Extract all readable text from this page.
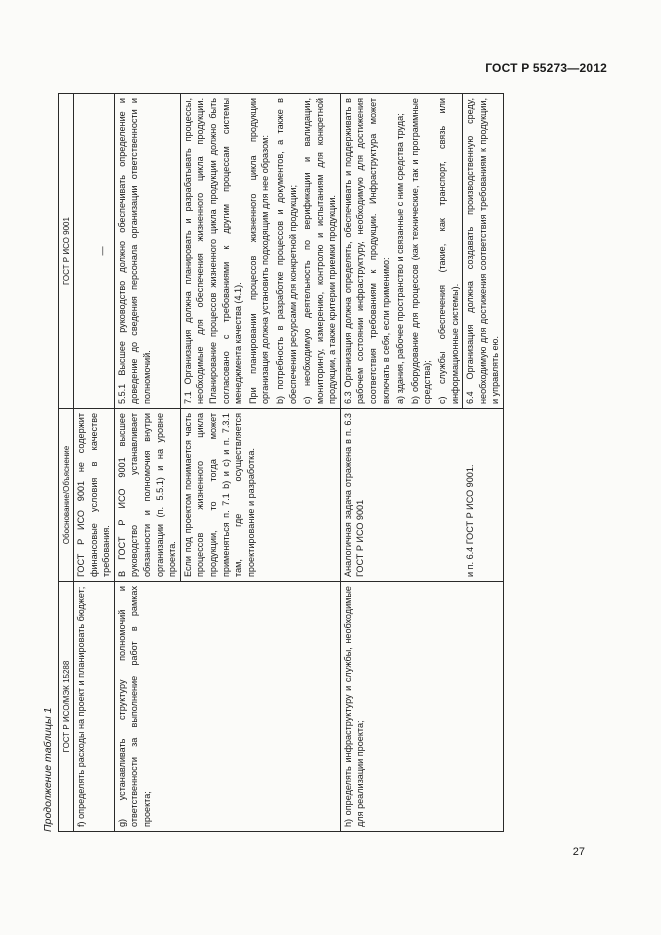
ГОСТ Р 55273—2012
Продолжение таблицы 1
ГОСТ Р ИСО/МЭК 15288	Обоснование/Объяснение	ГОСТ Р ИСО 9001

f) определять расходы на проект и планировать бюджет;	ГОСТ Р ИСО 9001 не содержит финансовые условия в качестве требования.	—

g) устанавливать структуру полномочий и ответственности за выполнение работ в рамках проекта;	В ГОСТ Р ИСО 9001 высшее руководство устанавливает обязанности и полномочия внутри организации (п. 5.5.1) и на уровне проекта.	5.5.1 Высшее руководство должно обеспечивать определение и доведение до сведения персонала организации ответственности и полномочий.

	Если под проектом понимается часть процессов жизненного цикла продукции, то тогда может применяться п. 7.1 b) и с) и п. 7.3.1 там, где осуществляется проектирование и разработка.	7.1 Организация должна планировать и разрабатывать процессы, необходимые для обеспечения жизненного цикла продукции. Планирование процессов жизненного цикла продукции должно быть согласовано с требованиями к другим процессам системы менеджмента качества (4.1). При планировании процессов жизненного цикла продукции организация должна установить подходящим для нее образом: b) потребность в разработке процессов и документов, а также в обеспечении ресурсами для конкретной продукции; c) необходимую деятельность по верификации и валидации, мониторингу, измерению, контролю и испытаниям для конкретной продукции, а также критерии приемки продукции.

h) определять инфраструктуру и службы, необходимые для реализации проекта;	Аналогичная задача отражена в п. 6.3 ГОСТ Р ИСО 9001	6.3 Организация должна определять, обеспечивать и поддерживать в рабочем состоянии инфраструктуру, необходимую для достижения соответствия требованиям к продукции. Инфраструктура может включать в себя, если применимо: a) здания, рабочее пространство и связанные с ним средства труда; b) оборудование для процессов (как технические, так и программные средства); c) службы обеспечения (такие, как транспорт, связь или информационные системы).

	и п. 6.4 ГОСТ Р ИСО 9001.	6.4 Организация должна создавать производственную среду, необходимую для достижения соответствия требованиям к продукции, и управлять ею.

27
